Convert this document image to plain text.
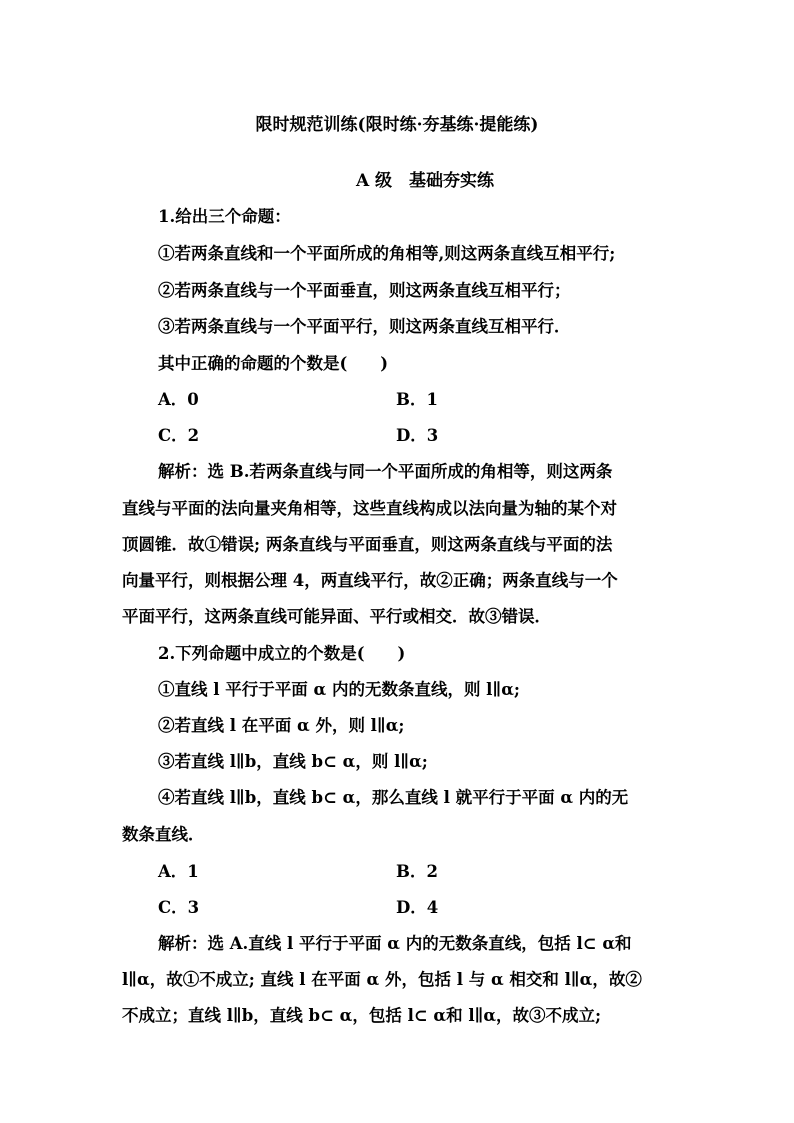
限时规范训练(限时练·夯基练·提能练)
A 级　基础夯实练
1.给出三个命题：
①若两条直线和一个平面所成的角相等,则这两条直线互相平行;
②若两条直线与一个平面垂直，则这两条直线互相平行；
③若两条直线与一个平面平行，则这两条直线互相平行．
其中正确的命题的个数是(　　)
A．0	B．1
C．2	D．3
解析：选 B.若两条直线与同一个平面所成的角相等，则这两条
直线与平面的法向量夹角相等，这些直线构成以法向量为轴的某个对
顶圆锥．故①错误; 两条直线与平面垂直，则这两条直线与平面的法
向量平行，则根据公理 4，两直线平行，故②正确；两条直线与一个
平面平行，这两条直线可能异面、平行或相交．故③错误．
2.下列命题中成立的个数是(　　)
①直线 l 平行于平面 α 内的无数条直线，则 l∥α;
②若直线 l 在平面 α 外，则 l∥α;
③若直线 l∥b，直线 b⊂ α，则 l∥α;
④若直线 l∥b，直线 b⊂ α，那么直线 l 就平行于平面 α 内的无
数条直线．
A．1	B．2
C．3	D．4
解析：选 A.直线 l 平行于平面 α 内的无数条直线，包括 l⊂ α和
l∥α，故①不成立; 直线 l 在平面 α 外，包括 l 与 α 相交和 l∥α，故②
不成立；直线 l∥b，直线 b⊂ α，包括 l⊂ α和 l∥α，故③不成立;
